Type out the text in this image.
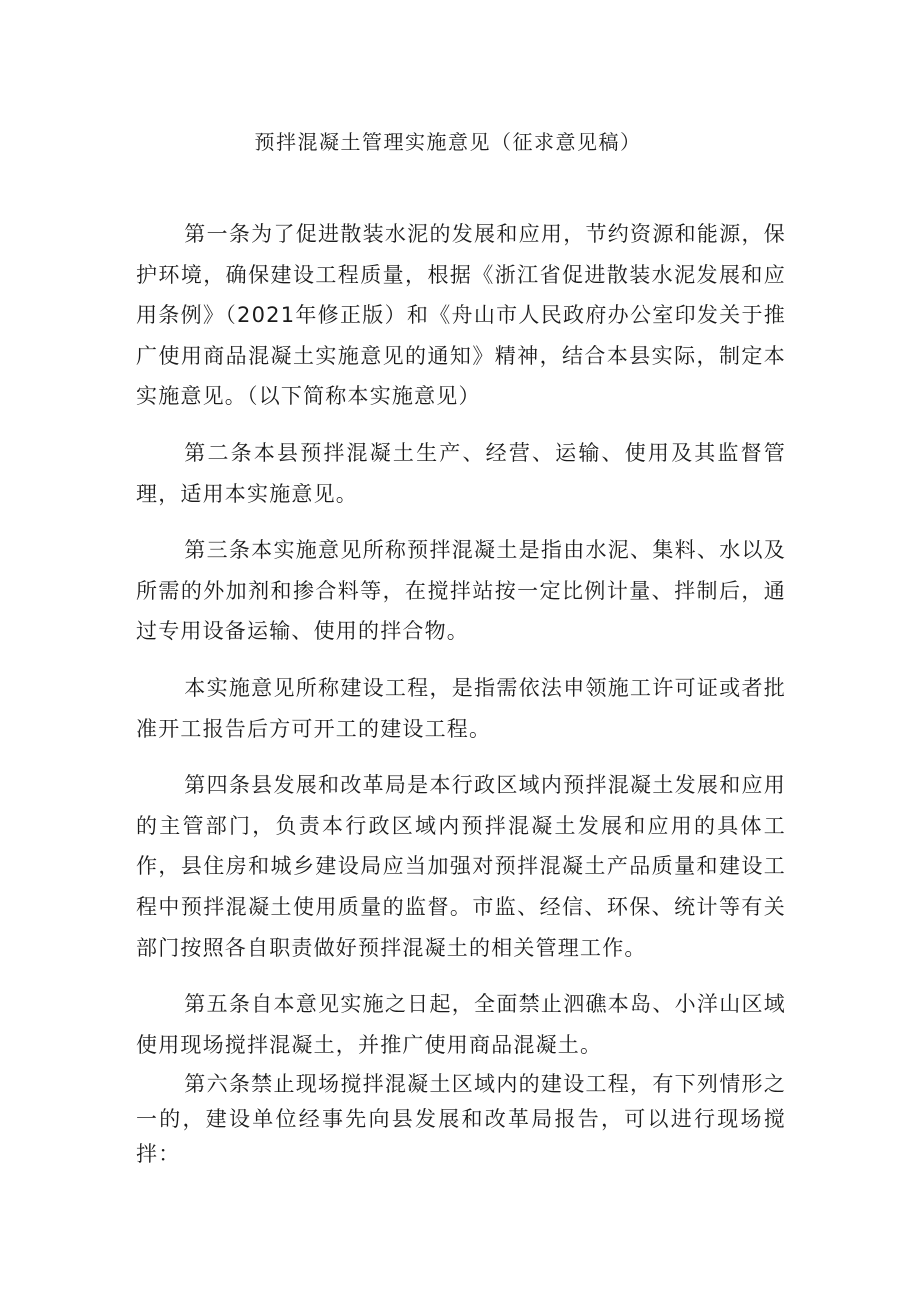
预拌混凝土管理实施意见（征求意见稿）

第一条为了促进散装水泥的发展和应用，节约资源和能源，保护环境，确保建设工程质量，根据《浙江省促进散装水泥发展和应用条例》（2021年修正版）和《舟山市人民政府办公室印发关于推广使用商品混凝土实施意见的通知》精神，结合本县实际，制定本实施意见。（以下简称本实施意见）

第二条本县预拌混凝土生产、经营、运输、使用及其监督管理，适用本实施意见。

第三条本实施意见所称预拌混凝土是指由水泥、集料、水以及所需的外加剂和掺合料等，在搅拌站按一定比例计量、拌制后，通过专用设备运输、使用的拌合物。

本实施意见所称建设工程，是指需依法申领施工许可证或者批准开工报告后方可开工的建设工程。

第四条县发展和改革局是本行政区域内预拌混凝土发展和应用的主管部门，负责本行政区域内预拌混凝土发展和应用的具体工作，县住房和城乡建设局应当加强对预拌混凝土产品质量和建设工程中预拌混凝土使用质量的监督。市监、经信、环保、统计等有关部门按照各自职责做好预拌混凝土的相关管理工作。

第五条自本意见实施之日起，全面禁止泗礁本岛、小洋山区域使用现场搅拌混凝土，并推广使用商品混凝土。

第六条禁止现场搅拌混凝土区域内的建设工程，有下列情形之一的，建设单位经事先向县发展和改革局报告，可以进行现场搅拌：
